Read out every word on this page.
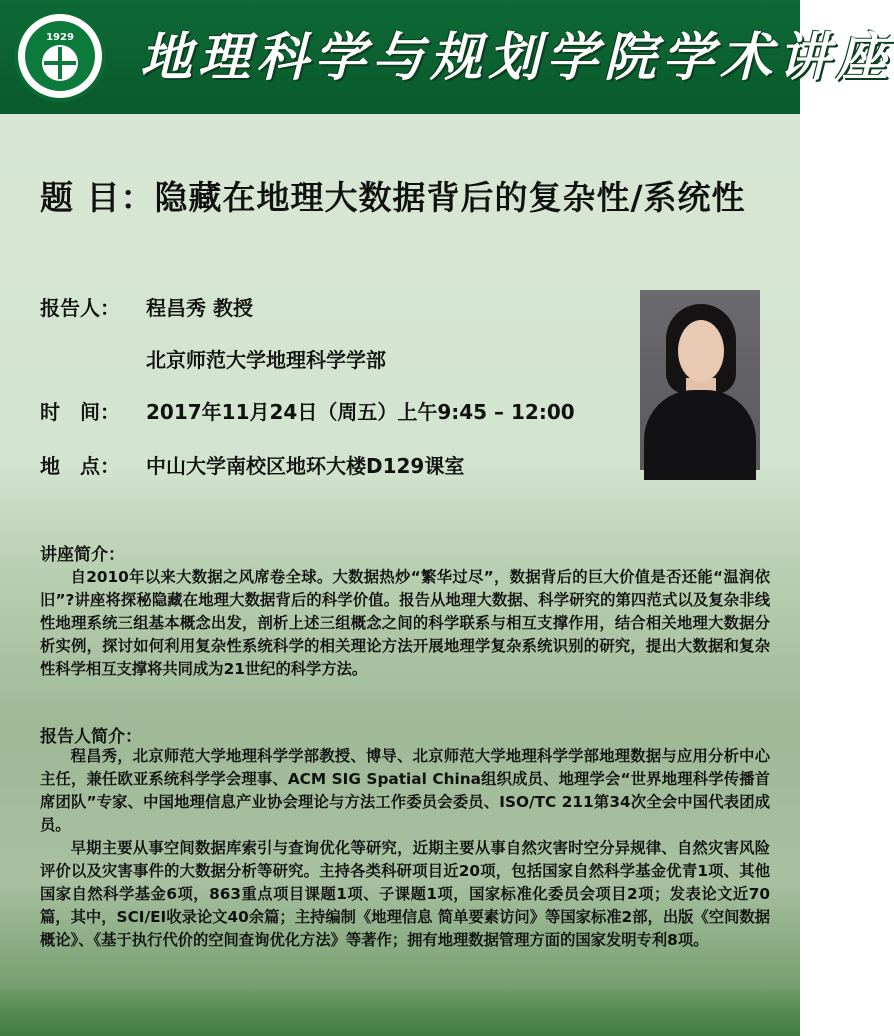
1929 地理科学与规划学院学术讲座
题 目：隐藏在地理大数据背后的复杂性/系统性
报告人： 程昌秀 教授
北京师范大学地理科学学部
时　间： 2017年11月24日（周五）上午9:45 – 12:00
地　点： 中山大学南校区地环大楼D129课室
讲座简介：

自2010年以来大数据之风席卷全球。大数据热炒“繁华过尽”，数据背后的巨大价值是否还能“温润依旧”?讲座将探秘隐藏在地理大数据背后的科学价值。报告从地理大数据、科学研究的第四范式以及复杂非线性地理系统三组基本概念出发，剖析上述三组概念之间的科学联系与相互支撑作用，结合相关地理大数据分析实例，探讨如何利用复杂性系统科学的相关理论方法开展地理学复杂系统识别的研究，提出大数据和复杂性科学相互支撑将共同成为21世纪的科学方法。

报告人简介：

程昌秀，北京师范大学地理科学学部教授、博导、北京师范大学地理科学学部地理数据与应用分析中心主任，兼任欧亚系统科学学会理事、ACM SIG Spatial China组织成员、地理学会“世界地理科学传播首席团队”专家、中国地理信息产业协会理论与方法工作委员会委员、ISO/TC 211第34次全会中国代表团成员。

早期主要从事空间数据库索引与查询优化等研究，近期主要从事自然灾害时空分异规律、自然灾害风险评价以及灾害事件的大数据分析等研究。主持各类科研项目近20项，包括国家自然科学基金优青1项、其他国家自然科学基金6项，863重点项目课题1项、子课题1项，国家标准化委员会项目2项；发表论文近70篇，其中，SCI/EI收录论文40余篇；主持编制《地理信息 简单要素访问》等国家标准2部，出版《空间数据概论》、《基于执行代价的空间查询优化方法》等著作；拥有地理数据管理方面的国家发明专利8项。
